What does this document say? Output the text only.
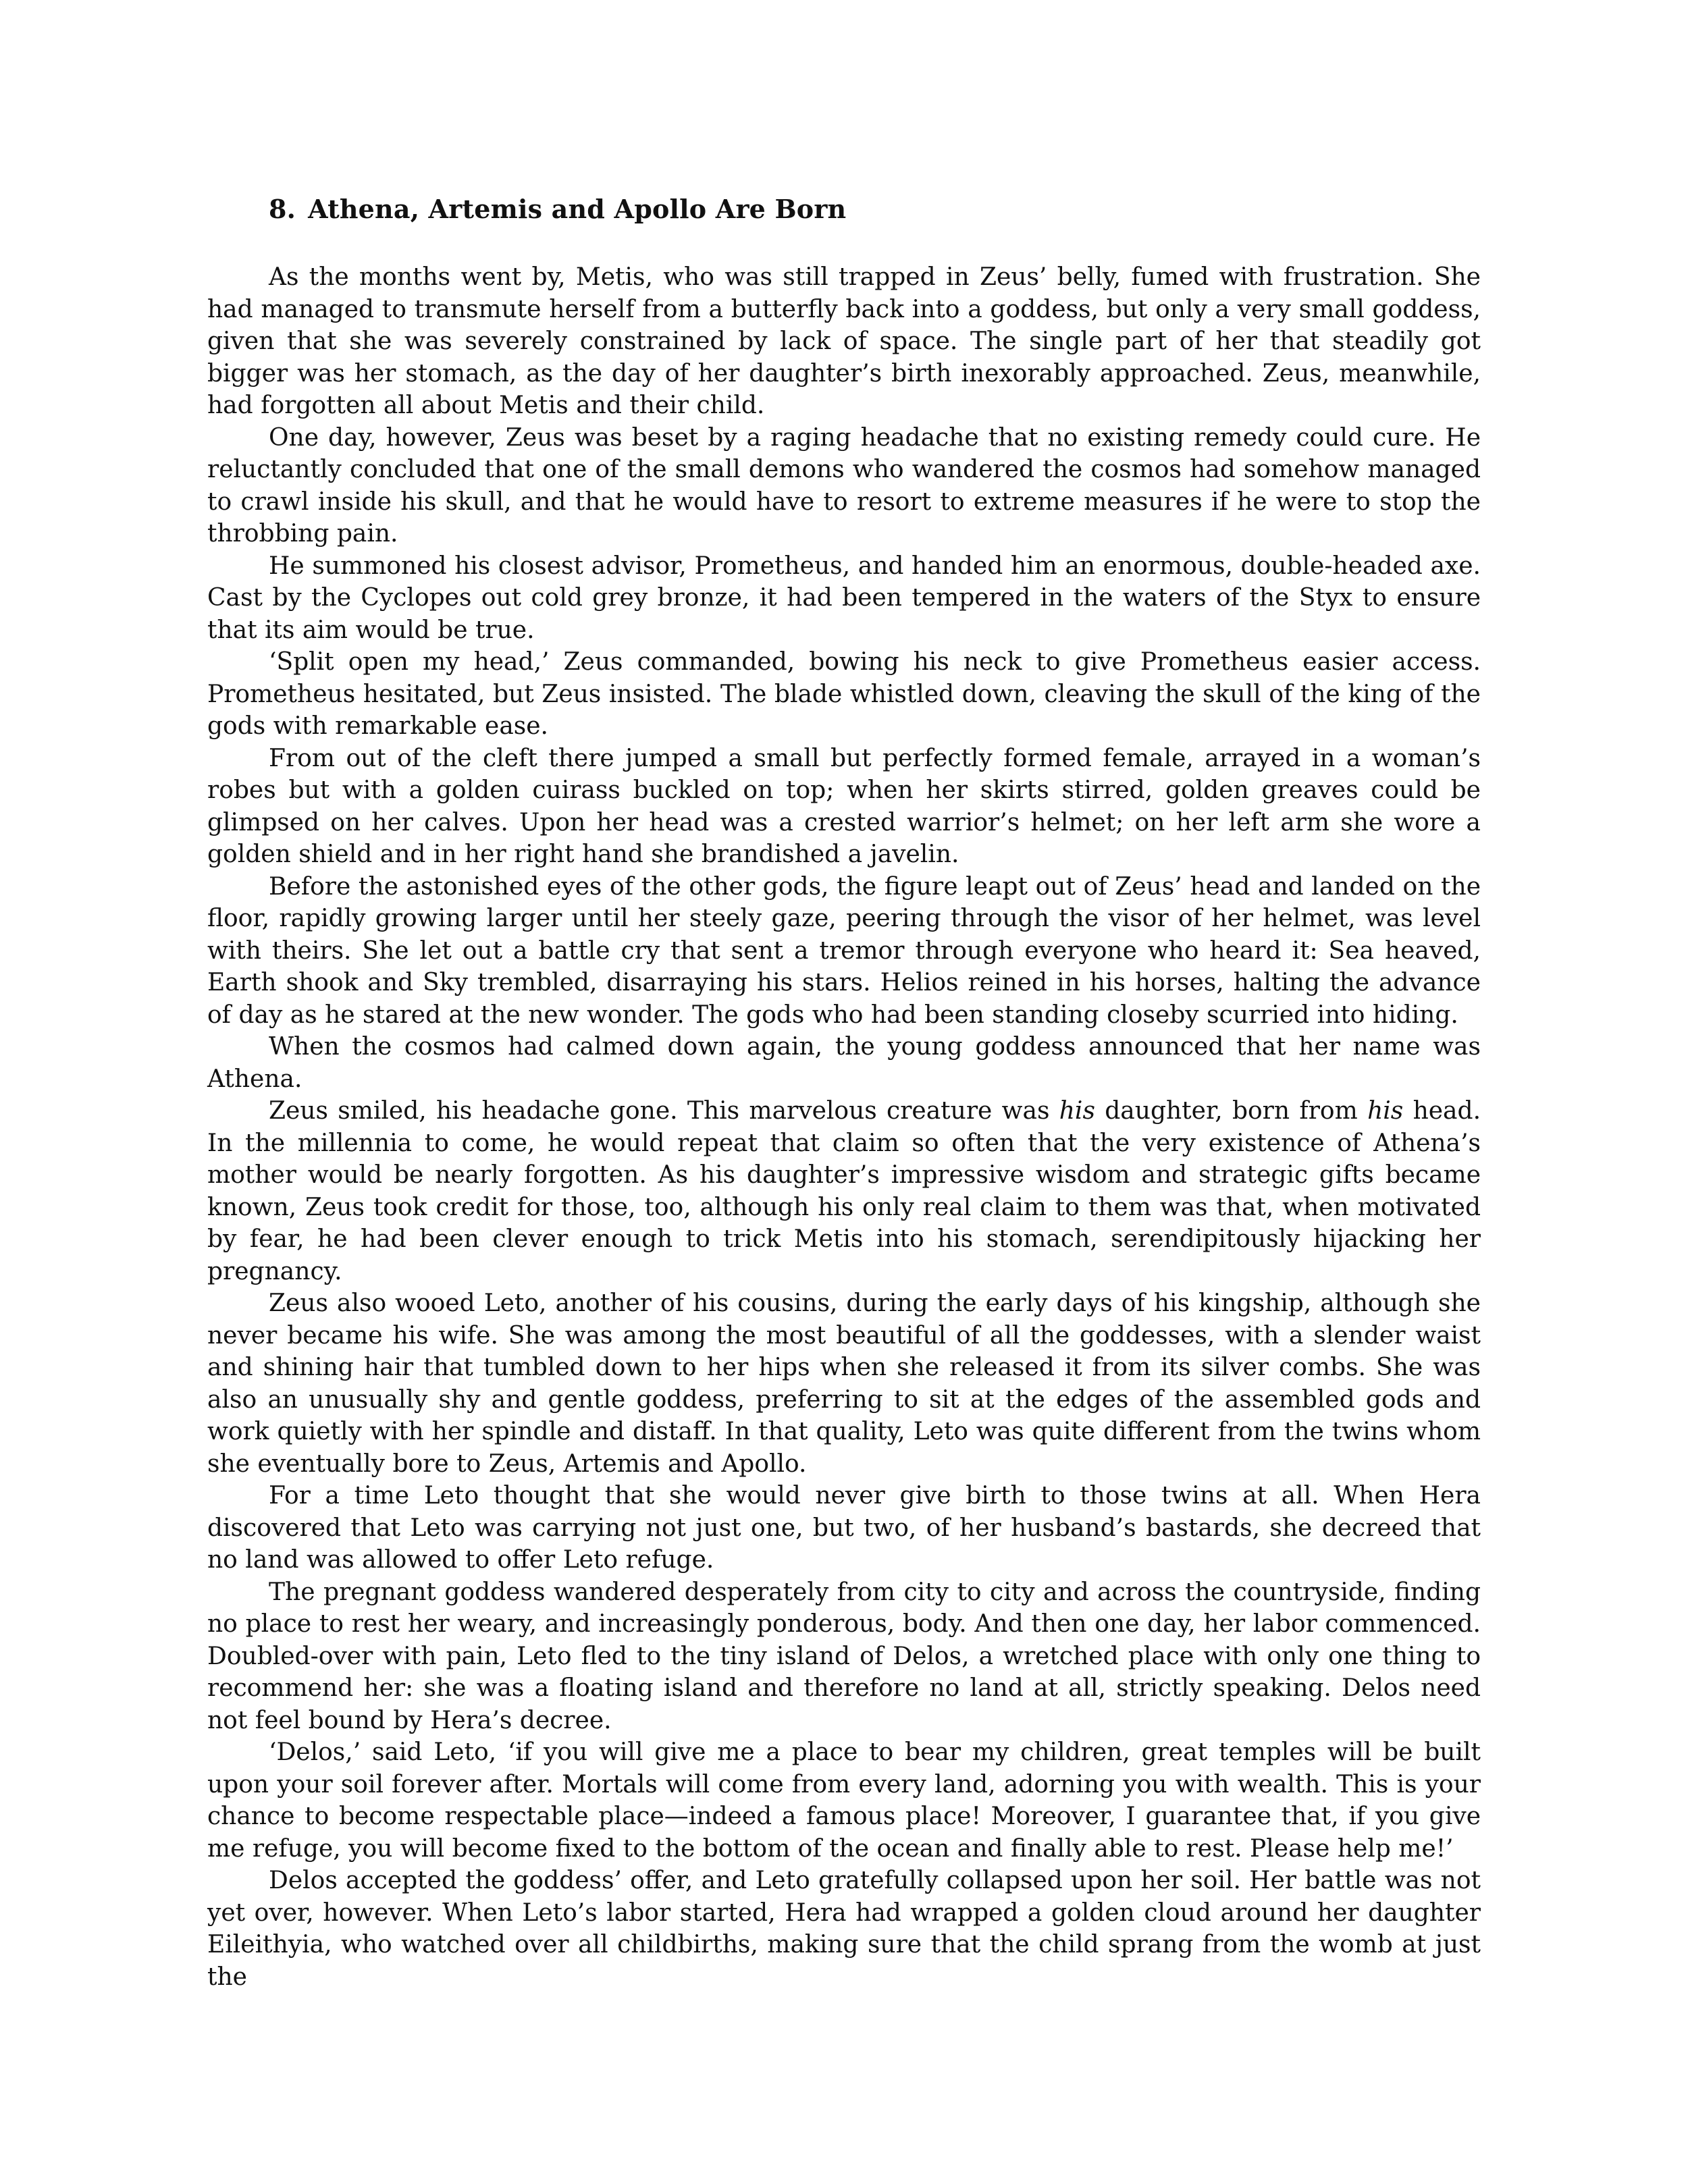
8. Athena, Artemis and Apollo Are Born

As the months went by, Metis, who was still trapped in Zeus’ belly, fumed with frustration. She had managed to transmute herself from a butterfly back into a goddess, but only a very small goddess, given that she was severely constrained by lack of space. The single part of her that steadily got bigger was her stomach, as the day of her daughter’s birth inexorably approached. Zeus, meanwhile, had forgotten all about Metis and their child.

One day, however, Zeus was beset by a raging headache that no existing remedy could cure. He reluctantly concluded that one of the small demons who wandered the cosmos had somehow managed to crawl inside his skull, and that he would have to resort to extreme measures if he were to stop the throbbing pain.

He summoned his closest advisor, Prometheus, and handed him an enormous, double-headed axe. Cast by the Cyclopes out cold grey bronze, it had been tempered in the waters of the Styx to ensure that its aim would be true.

‘Split open my head,’ Zeus commanded, bowing his neck to give Prometheus easier access. Prometheus hesitated, but Zeus insisted. The blade whistled down, cleaving the skull of the king of the gods with remarkable ease.

From out of the cleft there jumped a small but perfectly formed female, arrayed in a woman’s robes but with a golden cuirass buckled on top; when her skirts stirred, golden greaves could be glimpsed on her calves. Upon her head was a crested warrior’s helmet; on her left arm she wore a golden shield and in her right hand she brandished a javelin.

Before the astonished eyes of the other gods, the figure leapt out of Zeus’ head and landed on the floor, rapidly growing larger until her steely gaze, peering through the visor of her helmet, was level with theirs. She let out a battle cry that sent a tremor through everyone who heard it: Sea heaved, Earth shook and Sky trembled, disarraying his stars. Helios reined in his horses, halting the advance of day as he stared at the new wonder. The gods who had been standing closeby scurried into hiding.

When the cosmos had calmed down again, the young goddess announced that her name was Athena.

Zeus smiled, his headache gone. This marvelous creature was his daughter, born from his head. In the millennia to come, he would repeat that claim so often that the very existence of Athena’s mother would be nearly forgotten. As his daughter’s impressive wisdom and strategic gifts became known, Zeus took credit for those, too, although his only real claim to them was that, when motivated by fear, he had been clever enough to trick Metis into his stomach, serendipitously hijacking her pregnancy.

Zeus also wooed Leto, another of his cousins, during the early days of his kingship, although she never became his wife. She was among the most beautiful of all the goddesses, with a slender waist and shining hair that tumbled down to her hips when she released it from its silver combs. She was also an unusually shy and gentle goddess, preferring to sit at the edges of the assembled gods and work quietly with her spindle and distaff. In that quality, Leto was quite different from the twins whom she eventually bore to Zeus, Artemis and Apollo.

For a time Leto thought that she would never give birth to those twins at all. When Hera discovered that Leto was carrying not just one, but two, of her husband’s bastards, she decreed that no land was allowed to offer Leto refuge.

The pregnant goddess wandered desperately from city to city and across the countryside, finding no place to rest her weary, and increasingly ponderous, body. And then one day, her labor commenced. Doubled-over with pain, Leto fled to the tiny island of Delos, a wretched place with only one thing to recommend her: she was a floating island and therefore no land at all, strictly speaking. Delos need not feel bound by Hera’s decree.

‘Delos,’ said Leto, ‘if you will give me a place to bear my children, great temples will be built upon your soil forever after. Mortals will come from every land, adorning you with wealth. This is your chance to become respectable place—indeed a famous place! Moreover, I guarantee that, if you give me refuge, you will become fixed to the bottom of the ocean and finally able to rest. Please help me!’

Delos accepted the goddess’ offer, and Leto gratefully collapsed upon her soil. Her battle was not yet over, however. When Leto’s labor started, Hera had wrapped a golden cloud around her daughter Eileithyia, who watched over all childbirths, making sure that the child sprang from the womb at just the
